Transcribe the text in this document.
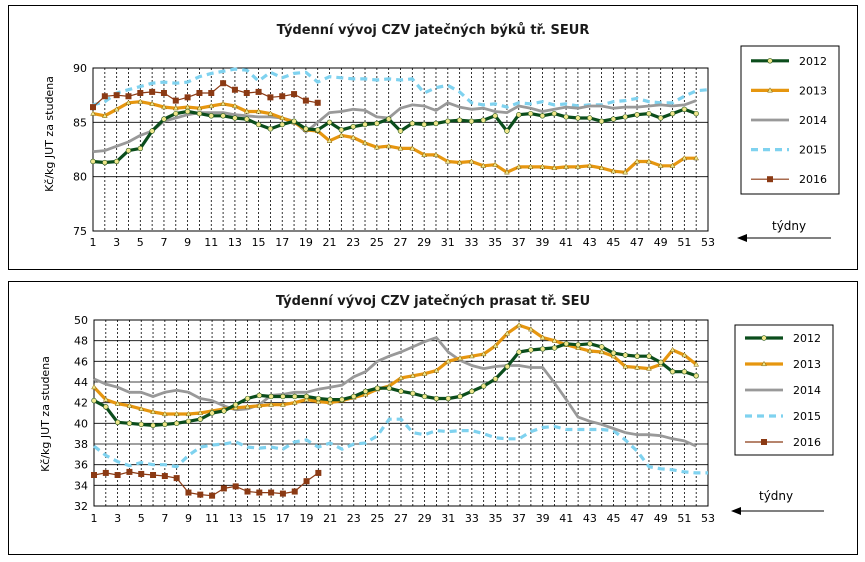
Týdenní vývoj CZV jatečných býků tř. SEUR
Kč/kg JUT za studena
týdny
75
80
85
90
1 3 5 7 9 11 13 15 17 19 21 23 25 27 29 31 33 35 37 39 41 43 45 47 49 51 53
2012
2013
2014
2015
2016
Týdenní vývoj CZV jatečných prasat tř. SEU
Kč/kg JUT za studena
týdny
32
34
36
38
40
42
44
46
48
50
1 3 5 7 9 11 13 15 17 19 21 23 25 27 29 31 33 35 37 39 41 43 45 47 49 51 53
2012
2013
2014
2015
2016
